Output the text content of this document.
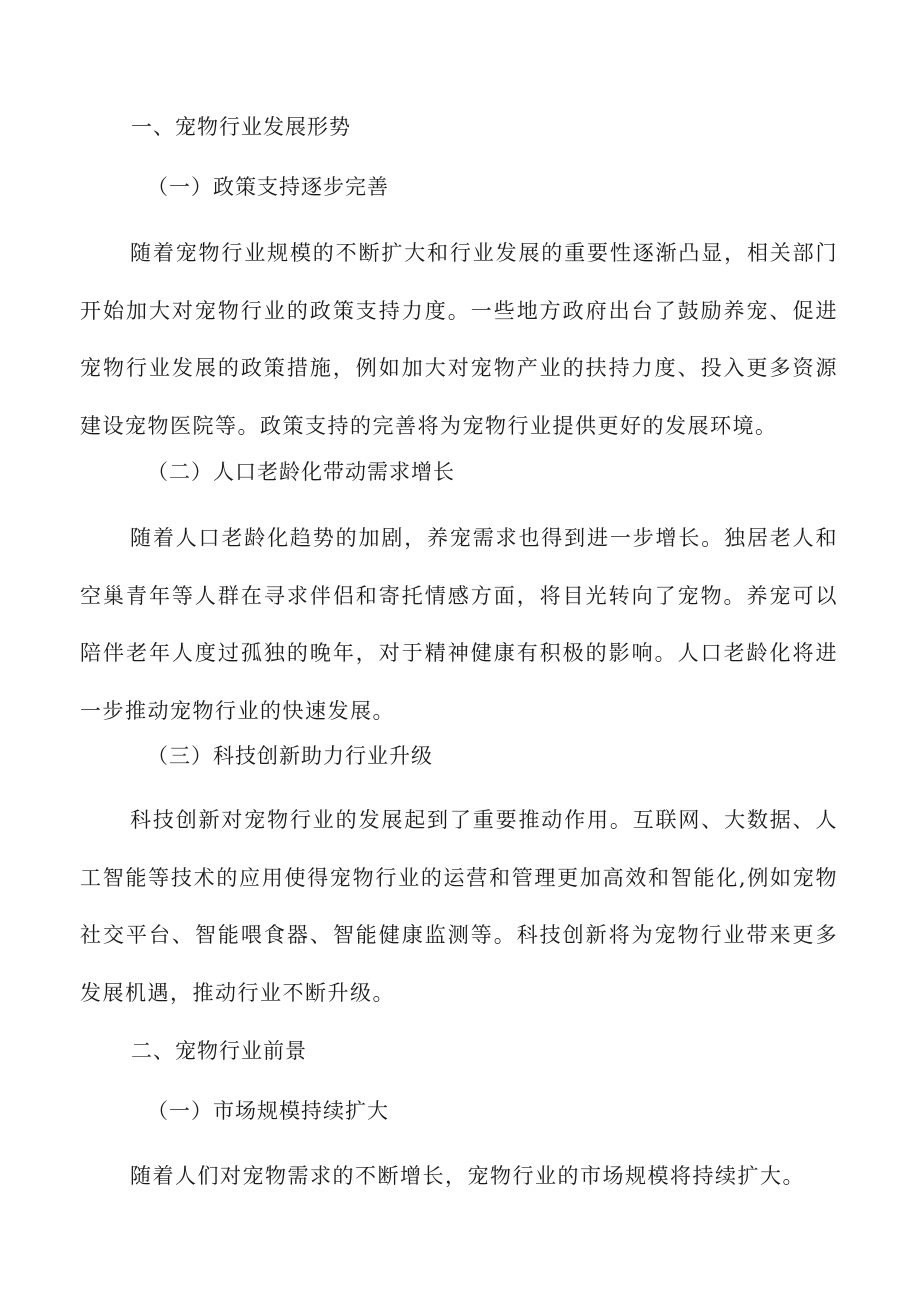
一、宠物行业发展形势
（一）政策支持逐步完善

随着宠物行业规模的不断扩大和行业发展的重要性逐渐凸显，相关部门开始加大对宠物行业的政策支持力度。一些地方政府出台了鼓励养宠、促进宠物行业发展的政策措施，例如加大对宠物产业的扶持力度、投入更多资源建设宠物医院等。政策支持的完善将为宠物行业提供更好的发展环境。

（二）人口老龄化带动需求增长

随着人口老龄化趋势的加剧，养宠需求也得到进一步增长。独居老人和空巢青年等人群在寻求伴侣和寄托情感方面，将目光转向了宠物。养宠可以陪伴老年人度过孤独的晚年，对于精神健康有积极的影响。人口老龄化将进一步推动宠物行业的快速发展。

（三）科技创新助力行业升级

科技创新对宠物行业的发展起到了重要推动作用。互联网、大数据、人工智能等技术的应用使得宠物行业的运营和管理更加高效和智能化,例如宠物社交平台、智能喂食器、智能健康监测等。科技创新将为宠物行业带来更多发展机遇，推动行业不断升级。

二、宠物行业前景
（一）市场规模持续扩大

随着人们对宠物需求的不断增长，宠物行业的市场规模将持续扩大。
